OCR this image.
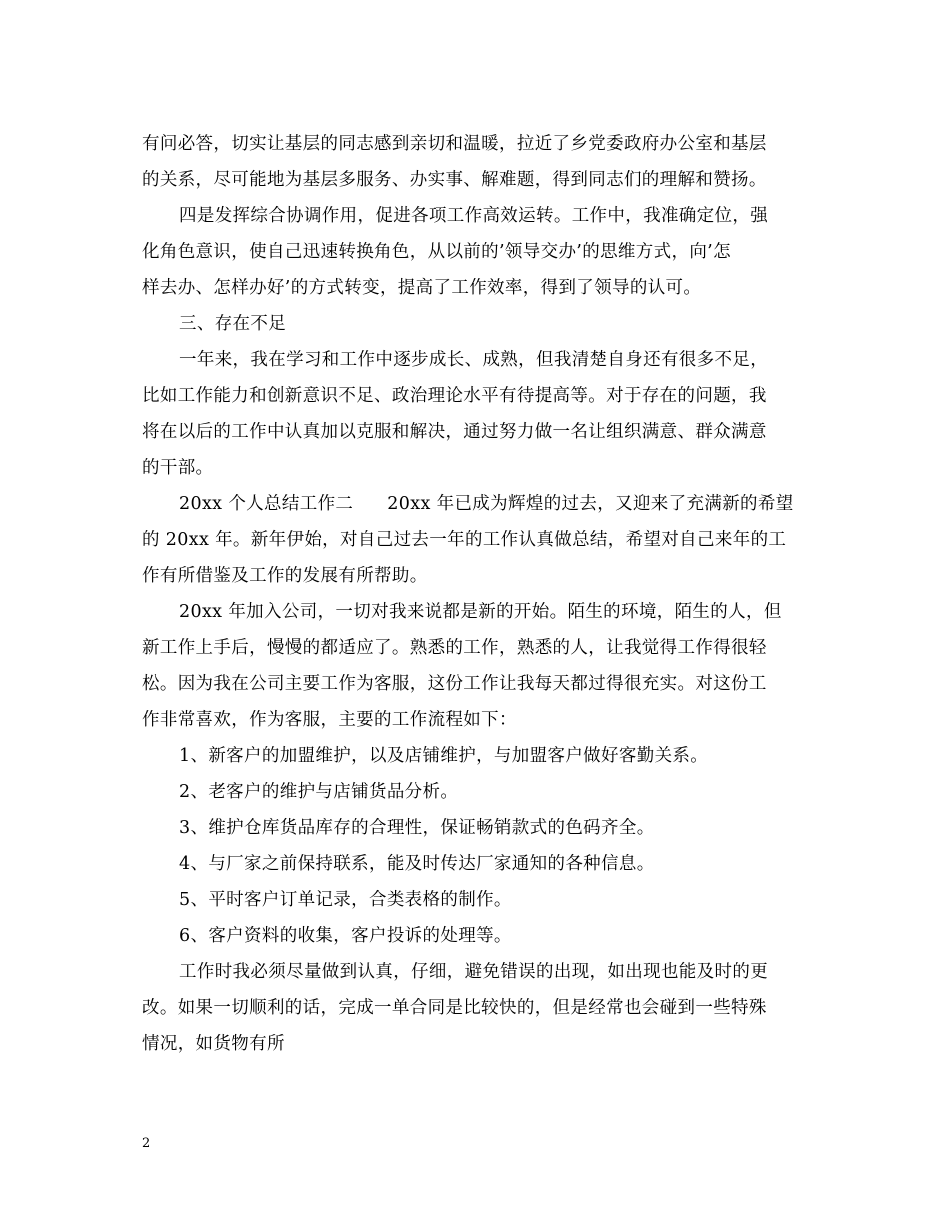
有问必答，切实让基层的同志感到亲切和温暖，拉近了乡党委政府办公室和基层
的关系，尽可能地为基层多服务、办实事、解难题，得到同志们的理解和赞扬。
四是发挥综合协调作用，促进各项工作高效运转。工作中，我准确定位，强
化角色意识，使自己迅速转换角色，从以前的’领导交办’的思维方式，向’怎
样去办、怎样办好’的方式转变，提高了工作效率，得到了领导的认可。
三、存在不足
一年来，我在学习和工作中逐步成长、成熟，但我清楚自身还有很多不足，
比如工作能力和创新意识不足、政治理论水平有待提高等。对于存在的问题，我
将在以后的工作中认真加以克服和解决，通过努力做一名让组织满意、群众满意
的干部。
20xx 个人总结工作二 20xx 年已成为辉煌的过去，又迎来了充满新的希望
的 20xx 年。新年伊始，对自己过去一年的工作认真做总结，希望对自己来年的工
作有所借鉴及工作的发展有所帮助。
20xx 年加入公司，一切对我来说都是新的开始。陌生的环境，陌生的人，但
新工作上手后，慢慢的都适应了。熟悉的工作，熟悉的人，让我觉得工作得很轻
松。因为我在公司主要工作为客服，这份工作让我每天都过得很充实。对这份工
作非常喜欢，作为客服，主要的工作流程如下：
1、新客户的加盟维护，以及店铺维护，与加盟客户做好客勤关系。
2、老客户的维护与店铺货品分析。
3、维护仓库货品库存的合理性，保证畅销款式的色码齐全。
4、与厂家之前保持联系，能及时传达厂家通知的各种信息。
5、平时客户订单记录，合类表格的制作。
6、客户资料的收集，客户投诉的处理等。
工作时我必须尽量做到认真，仔细，避免错误的出现，如出现也能及时的更
改。如果一切顺利的话，完成一单合同是比较快的，但是经常也会碰到一些特殊
情况，如货物有所
2
